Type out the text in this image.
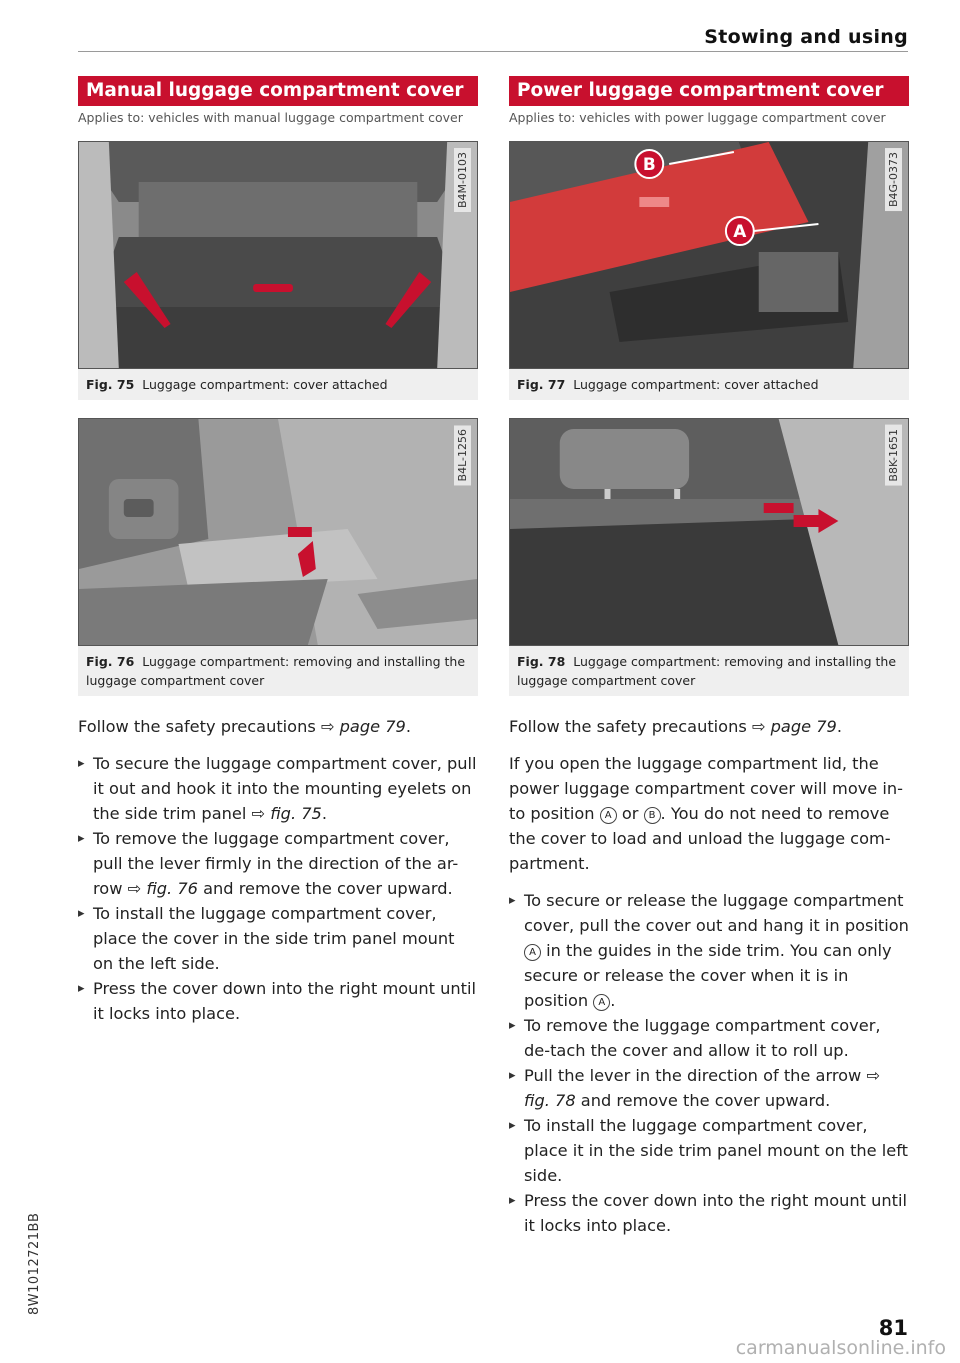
Stowing and using
Manual luggage compartment cover
Applies to: vehicles with manual luggage compartment cover
B4M-0103
Fig. 75 Luggage compartment: cover attached
B4L-1256
Fig. 76 Luggage compartment: removing and installing the luggage compartment cover

Follow the safety precautions ⇨ page 79.

▸ To secure the luggage compartment cover, pull it out and hook it into the mounting eyelets on the side trim panel ⇨ fig. 75.
▸ To remove the luggage compartment cover, pull the lever firmly in the direction of the ar-row ⇨ fig. 76 and remove the cover upward.
▸ To install the luggage compartment cover, place the cover in the side trim panel mount on the left side.
▸ Press the cover down into the right mount until it locks into place.
Power luggage compartment cover
Applies to: vehicles with power luggage compartment cover
B
A
B4G-0373
Fig. 77 Luggage compartment: cover attached
B8K-1651
Fig. 78 Luggage compartment: removing and installing the luggage compartment cover

Follow the safety precautions ⇨ page 79.

If you open the luggage compartment lid, the power luggage compartment cover will move in-to position A or B . You do not need to remove the cover to load and unload the luggage com-partment.

▸ To secure or release the luggage compartment cover, pull the cover out and hang it in position A in the guides in the side trim. You can only secure or release the cover when it is in position A .
▸ To remove the luggage compartment cover, de-tach the cover and allow it to roll up.
▸ Pull the lever in the direction of the arrow ⇨ fig. 78 and remove the cover upward.
▸ To install the luggage compartment cover, place it in the side trim panel mount on the left side.
▸ Press the cover down into the right mount until it locks into place.
8W1012721BB
81
carmanualsonline.info
